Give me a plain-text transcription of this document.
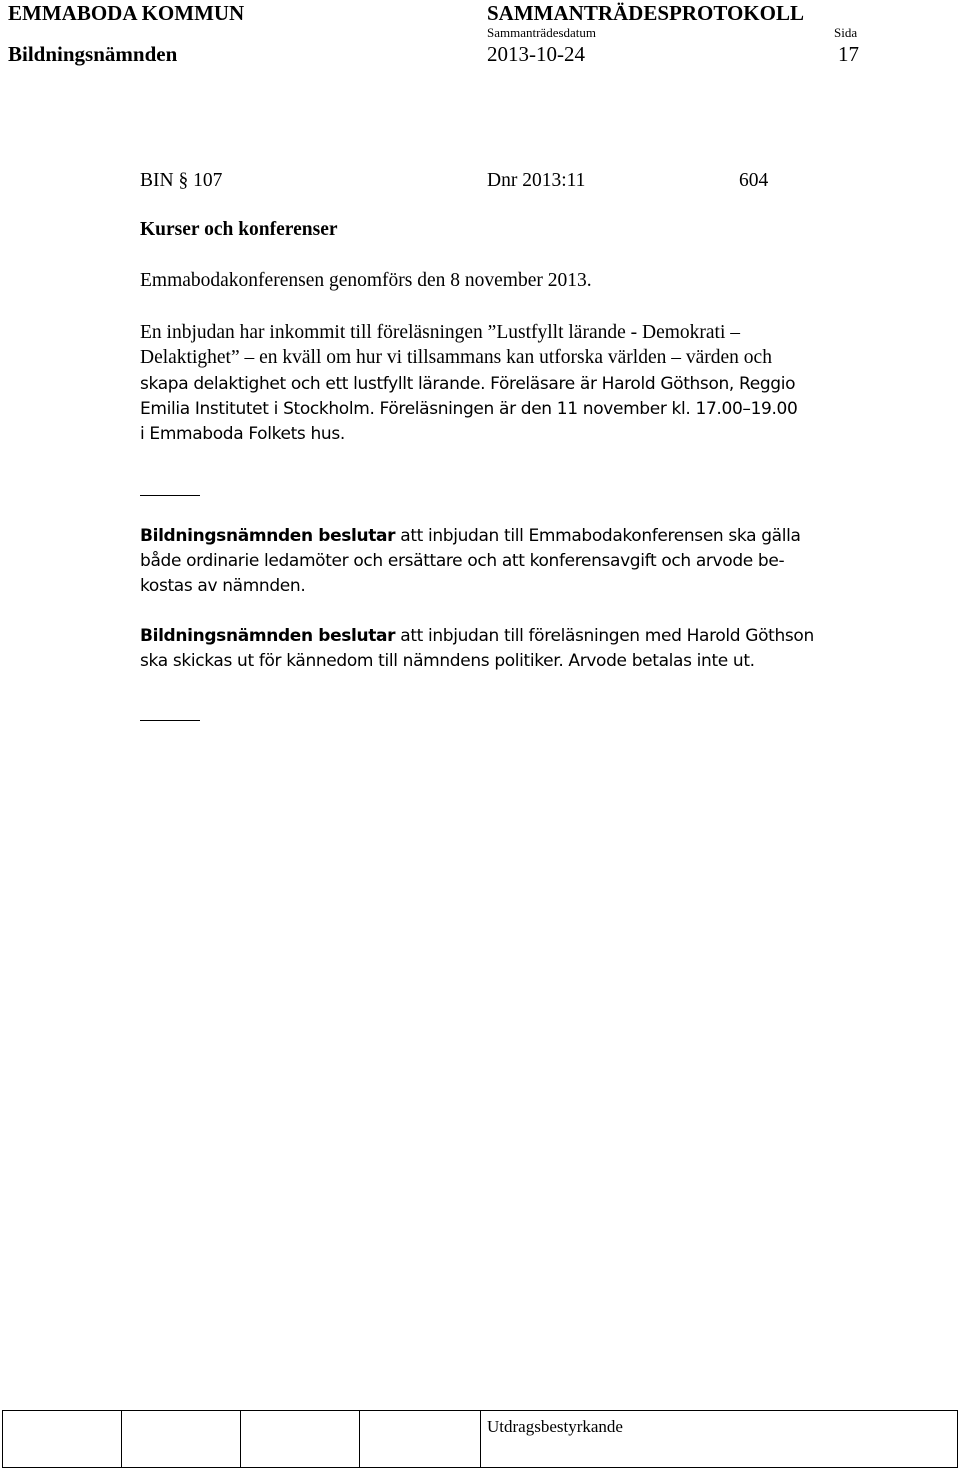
EMMABODA KOMMUN	SAMMANTRÄDESPROTOKOLL
Sammanträdesdatum	Sida
Bildningsnämnden	2013-10-24	17
BIN § 107	Dnr 2013:11	604
Kurser och konferenser
Emmabodakonferensen genomförs den 8 november 2013.
En inbjudan har inkommit till föreläsningen ”Lustfyllt lärande - Demokrati –
Delaktighet” – en kväll om hur vi tillsammans kan utforska världen – värden och
skapa delaktighet och ett lustfyllt lärande. Föreläsare är Harold Göthson, Reggio
Emilia Institutet i Stockholm. Föreläsningen är den 11 november kl. 17.00–19.00
i Emmaboda Folkets hus.
Bildningsnämnden beslutar att inbjudan till Emmabodakonferensen ska gälla
både ordinarie ledamöter och ersättare och att konferensavgift och arvode be-
kostas av nämnden.
Bildningsnämnden beslutar att inbjudan till föreläsningen med Harold Göthson
ska skickas ut för kännedom till nämndens politiker. Arvode betalas inte ut.
Utdragsbestyrkande
